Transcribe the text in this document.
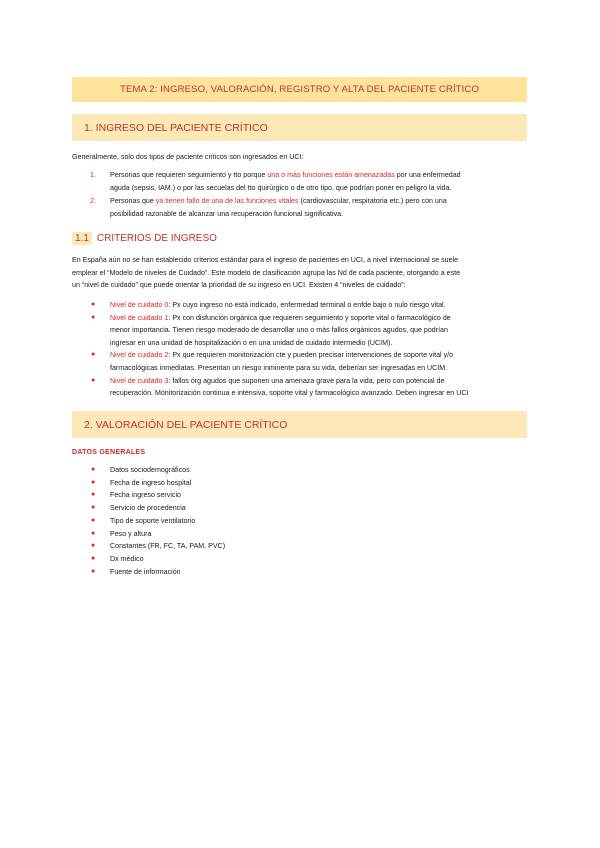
TEMA 2: INGRESO, VALORACIÓN, REGISTRO Y ALTA DEL PACIENTE CRÍTICO
1. INGRESO DEL PACIENTE CRÍTICO
Generalmente, solo dos tipos de paciente críticos son ingresados en UCI:
1. Personas que requieren seguimiento y tto porque una o más funciones están amenazadas por una enfermedad
aguda (sepsis, IAM.) o por las secuelas del tto quirúrgico o de otro tipo, que podrían poner en peligro la vida.
2. Personas que ya tienen fallo de una de las funciones vitales (cardiovascular, respiratoria etc.) pero con una
posibilidad razonable de alcanzar una recuperación funcional significativa.
1.1 CRITERIOS DE INGRESO
En España aún no se han establecido criterios estándar para el ingreso de pacientes en UCI, a nivel internacional se suele
emplear el “Modelo de niveles de Cuidado”. Este modelo de clasificación agrupa las Nd de cada paciente, otorgando a este
un “nivel de cuidado” que puede orientar la prioridad de su ingreso en UCI. Existen 4 “niveles de cuidado”:
● Nivel de cuidado 0: Px cuyo ingreso no está indicado, enfermedad terminal o enfde bajo o nulo riesgo vital.
● Nivel de cuidado 1: Px con disfunción orgánica que requieren seguimiento y soporte vital o farmacológico de
menor importancia. Tienen riesgo moderado de desarrollar uno o más fallos orgánicos agudos, que podrían
ingresar en una unidad de hospitalización o en una unidad de cuidado intermedio (UCIM).
● Nivel de cuidado 2: Px que requieren monitorización cte y pueden precisar intervenciones de soporte vital y/o
farmacológicas inmediatas. Presentan un riesgo inminente para su vida, deberían ser ingresadas en UCIM.
● Nivel de cuidado 3: fallos órg agudos que suponen una amenaza grave para la vida, pero con potencial de
recuperación. Monitorización continua e intensiva, soporte vital y farmacológico avanzado. Deben ingresar en UCI
2. VALORACIÓN DEL PACIENTE CRÍTICO
DATOS GENERALES
● Datos sociodemográficos
● Fecha de ingreso hospital
● Fecha ingreso servicio
● Servicio de procedencia
● Tipo de soporte ventilatorio
● Peso y altura
● Constantes (FR, FC, TA, PAM, PVC)
● Dx médico
● Fuente de información
